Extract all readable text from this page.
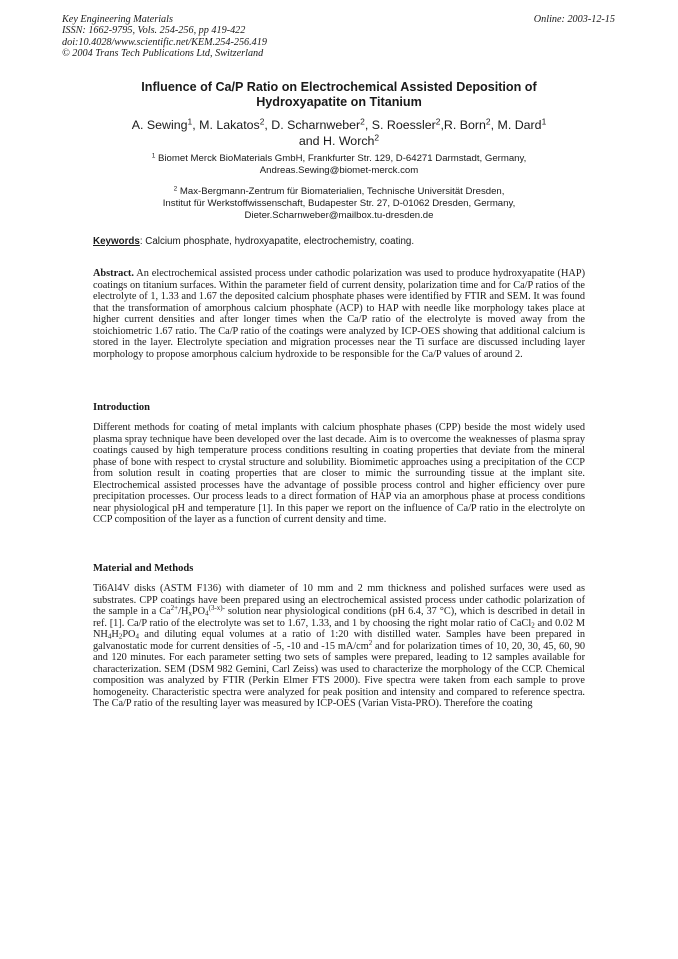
Key Engineering Materials
ISSN: 1662-9795, Vols. 254-256, pp 419-422
doi:10.4028/www.scientific.net/KEM.254-256.419
© 2004 Trans Tech Publications Ltd, Switzerland
Online: 2003-12-15
Influence of Ca/P Ratio on Electrochemical Assisted Deposition of
Hydroxyapatite on Titanium
A. Sewing$^1$, M. Lakatos$^2$, D. Scharnweber$^2$, S. Roessler$^2$,R. Born$^2$, M. Dard$^1$
and H. Worch$^2$
$^1$ Biomet Merck BioMaterials GmbH, Frankfurter Str. 129, D-64271 Darmstadt, Germany,
Andreas.Sewing@biomet-merck.com
$^2$ Max-Bergmann-Zentrum für Biomaterialien, Technische Universität Dresden,
Institut für Werkstoffwissenschaft, Budapester Str. 27, D-01062 Dresden, Germany,
Dieter.Scharnweber@mailbox.tu-dresden.de
Keywords: Calcium phosphate, hydroxyapatite, electrochemistry, coating.
Abstract. An electrochemical assisted process under cathodic polarization was used to produce hydroxyapatite (HAP) coatings on titanium surfaces. Within the parameter field of current density, polarization time and for Ca/P ratios of the electrolyte of 1, 1.33 and 1.67 the deposited calcium phosphate phases were identified by FTIR and SEM. It was found that the transformation of amorphous calcium phosphate (ACP) to HAP with needle like morphology takes place at higher current densities and after longer times when the Ca/P ratio of the electrolyte is moved away from the stoichiometric 1.67 ratio. The Ca/P ratio of the coatings were analyzed by ICP-OES showing that additional calcium is stored in the layer. Electrolyte speciation and migration processes near the Ti surface are discussed including layer morphology to propose amorphous calcium hydroxide to be responsible for the Ca/P values of around 2.
Introduction
Different methods for coating of metal implants with calcium phosphate phases (CPP) beside the most widely used plasma spray technique have been developed over the last decade. Aim is to overcome the weaknesses of plasma spray coatings caused by high temperature process conditions resulting in coating properties that deviate from the mineral phase of bone with respect to crystal structure and solubility. Biomimetic approaches using a precipitation of the CCP from solution result in coating properties that are closer to mimic the surrounding tissue at the implant site. Electrochemical assisted processes have the advantage of possible process control and higher efficiency over pure precipitation processes. Our process leads to a direct formation of HAP via an amorphous phase at process conditions near physiological pH and temperature [1]. In this paper we report on the influence of Ca/P ratio in the electrolyte on CCP composition of the layer as a function of current density and time.
Material and Methods
Ti6Al4V disks (ASTM F136) with diameter of 10 mm and 2 mm thickness and polished surfaces were used as substrates. CPP coatings have been prepared using an electrochemical assisted process under cathodic polarization of the sample in a $Ca^{2+}/H_xPO_4^{(3-x)-}$ solution near physiological conditions (pH 6.4, 37 °C), which is described in detail in ref. [1]. Ca/P ratio of the electrolyte was set to 1.67, 1.33, and 1 by choosing the right molar ratio of CaCl$_2$ and 0.02 M $NH_4H_2PO_4$ and diluting equal volumes at a ratio of 1:20 with distilled water. Samples have been prepared in galvanostatic mode for current densities of -5, -10 and -15 $mA/cm^2$ and for polarization times of 10, 20, 30, 45, 60, 90 and 120 minutes. For each parameter setting two sets of samples were prepared, leading to 12 samples available for characterization. SEM (DSM 982 Gemini, Carl Zeiss) was used to characterize the morphology of the CCP. Chemical composition was analyzed by FTIR (Perkin Elmer FTS 2000). Five spectra were taken from each sample to prove homogeneity. Characteristic spectra were analyzed for peak position and intensity and compared to reference spectra. The Ca/P ratio of the resulting layer was measured by ICP-OES (Varian Vista-PRO). Therefore the coating
